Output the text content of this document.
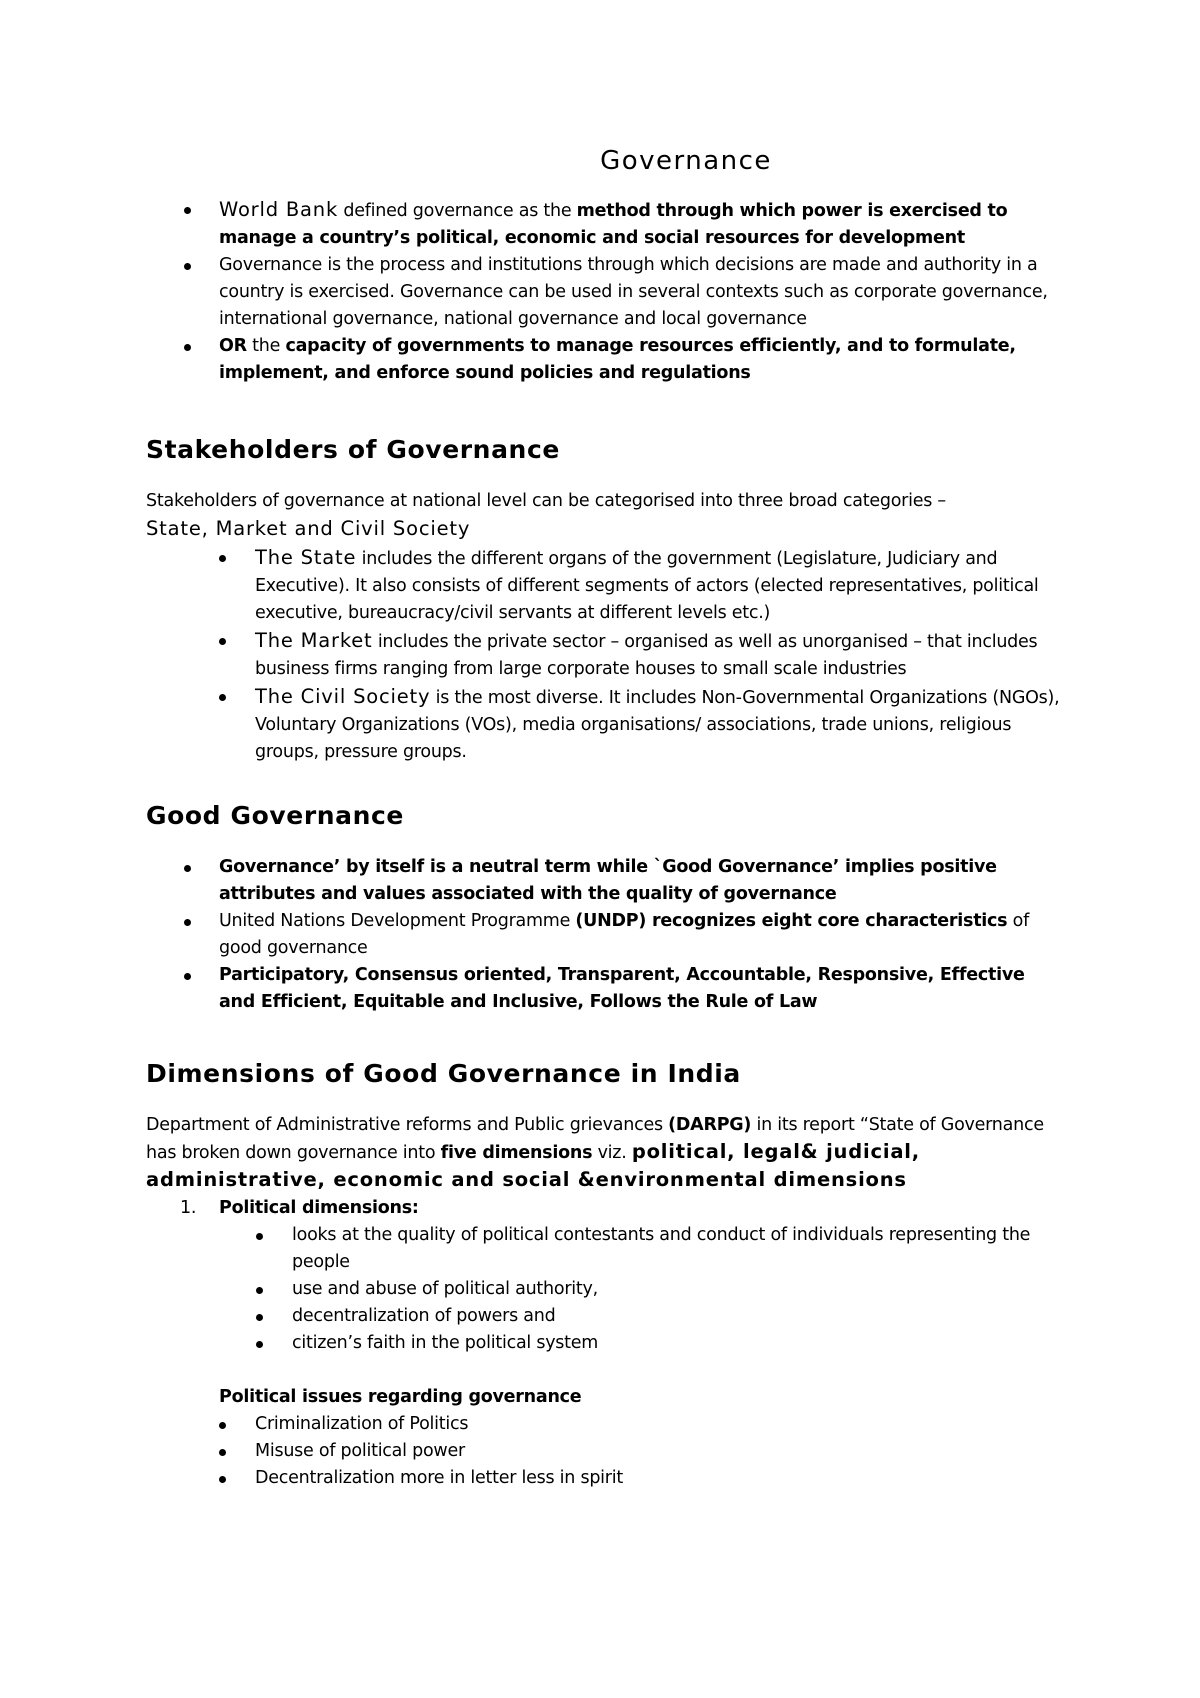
Governance
World Bank defined governance as the method through which power is exercised to manage a country’s political, economic and social resources for development
Governance is the process and institutions through which decisions are made and authority in a country is exercised. Governance can be used in several contexts such as corporate governance, international governance, national governance and local governance
OR the capacity of governments to manage resources efficiently, and to formulate, implement, and enforce sound policies and regulations
Stakeholders of Governance

Stakeholders of governance at national level can be categorised into three broad categories –
State, Market and Civil Society

The State includes the different organs of the government (Legislature, Judiciary and Executive). It also consists of different segments of actors (elected representatives, political executive, bureaucracy/civil servants at different levels etc.)
The Market includes the private sector – organised as well as unorganised – that includes business firms ranging from large corporate houses to small scale industries
The Civil Society is the most diverse. It includes Non-Governmental Organizations (NGOs), Voluntary Organizations (VOs), media organisations/ associations, trade unions, religious groups, pressure groups.
Good Governance
Governance’ by itself is a neutral term while `Good Governance’ implies positive attributes and values associated with the quality of governance
United Nations Development Programme (UNDP) recognizes eight core characteristics of good governance
Participatory, Consensus oriented, Transparent, Accountable, Responsive, Effective and Efficient, Equitable and Inclusive, Follows the Rule of Law
Dimensions of Good Governance in India

Department of Administrative reforms and Public grievances (DARPG) in its report “State of Governance has broken down governance into five dimensions viz. political, legal& judicial, administrative, economic and social &environmental dimensions

1. Political dimensions:
looks at the quality of political contestants and conduct of individuals representing the people
use and abuse of political authority,
decentralization of powers and
citizen’s faith in the political system
Political issues regarding governance
Criminalization of Politics
Misuse of political power
Decentralization more in letter less in spirit
